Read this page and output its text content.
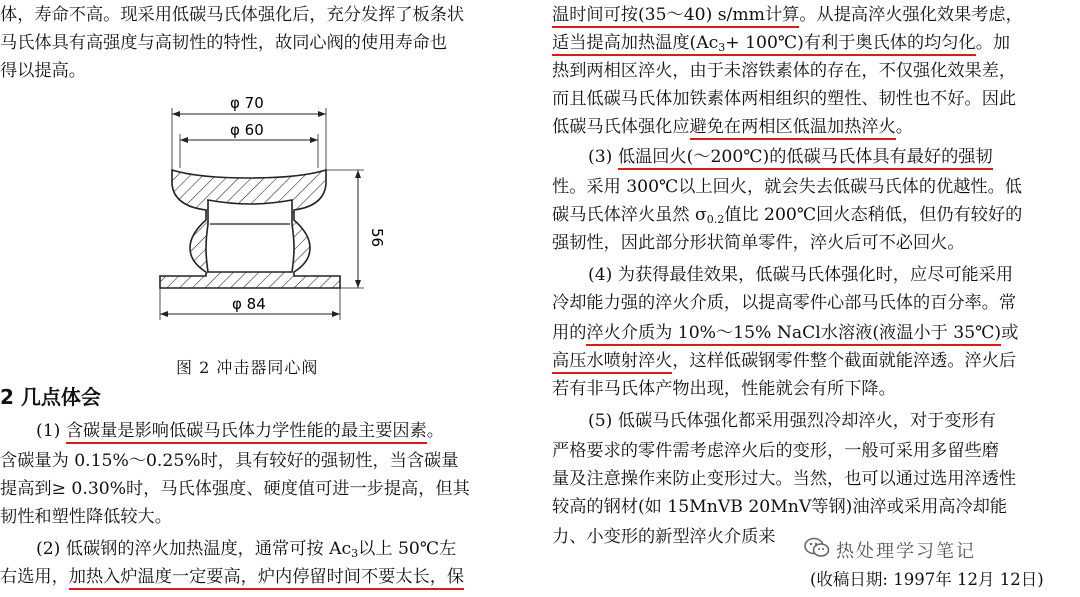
体，寿命不高。现采用低碳马氏体强化后，充分发挥了板条状
马氏体具有高强度与高韧性的特性，故同心阀的使用寿命也
得以提高。
φ 70
φ 60
56
φ 84
图 2 冲击器同心阀
2 几点体会
(1) 含碳量是影响低碳马氏体力学性能的最主要因素。
含碳量为 0.15%～0.25%时，具有较好的强韧性，当含碳量
提高到≥ 0.30%时，马氏体强度、硬度值可进一步提高，但其
韧性和塑性降低较大。
(2) 低碳钢的淬火加热温度，通常可按 $Ac_3$以上 50℃左
右选用，加热入炉温度一定要高，炉内停留时间不要太长，保
温时间可按(35～40) s/mm计算。从提高淬火强化效果考虑，
适当提高加热温度($Ac_3+$ 100℃)有利于奥氏体的均匀化。加
热到两相区淬火，由于未溶铁素体的存在，不仅强化效果差，
而且低碳马氏体加铁素体两相组织的塑性、韧性也不好。因此
低碳马氏体强化应避免在两相区低温加热淬火。
(3) 低温回火(～200℃)的低碳马氏体具有最好的强韧
性。采用 300℃以上回火，就会失去低碳马氏体的优越性。低
碳马氏体淬火虽然 $\sigma_{0.2}$值比 200℃回火态稍低，但仍有较好的
强韧性，因此部分形状简单零件，淬火后可不必回火。
(4) 为获得最佳效果，低碳马氏体强化时，应尽可能采用
冷却能力强的淬火介质，以提高零件心部马氏体的百分率。常
用的淬火介质为 10%～15% NaCl水溶液(液温小于 35℃)或
高压水喷射淬火，这样低碳钢零件整个截面就能淬透。淬火后
若有非马氏体产物出现，性能就会有所下降。
(5) 低碳马氏体强化都采用强烈冷却淬火，对于变形有
严格要求的零件需考虑淬火后的变形，一般可采用多留些磨
量及注意操作来防止变形过大。当然，也可以通过选用淬透性
较高的钢材(如 15MnVB 20MnV等钢)油淬或采用高冷却能
力、小变形的新型淬火介质来
(收稿日期: 1997年 12月 12日)
热处理学习笔记
